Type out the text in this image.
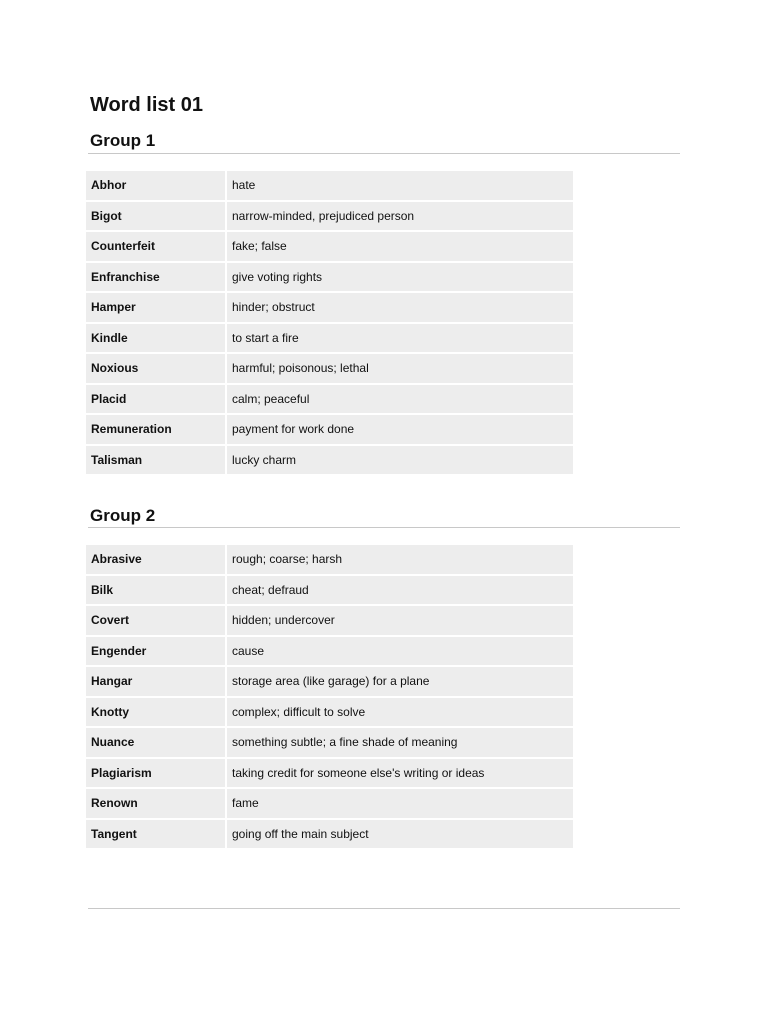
Word list 01
Group 1
Abhor	hate
Bigot	narrow-minded, prejudiced person
Counterfeit	fake; false
Enfranchise	give voting rights
Hamper	hinder; obstruct
Kindle	to start a fire
Noxious	harmful; poisonous; lethal
Placid	calm; peaceful
Remuneration	payment for work done
Talisman	lucky charm
Group 2
Abrasive	rough; coarse; harsh
Bilk	cheat; defraud
Covert	hidden; undercover
Engender	cause
Hangar	storage area (like garage) for a plane
Knotty	complex; difficult to solve
Nuance	something subtle; a fine shade of meaning
Plagiarism	taking credit for someone else's writing or ideas
Renown	fame
Tangent	going off the main subject
